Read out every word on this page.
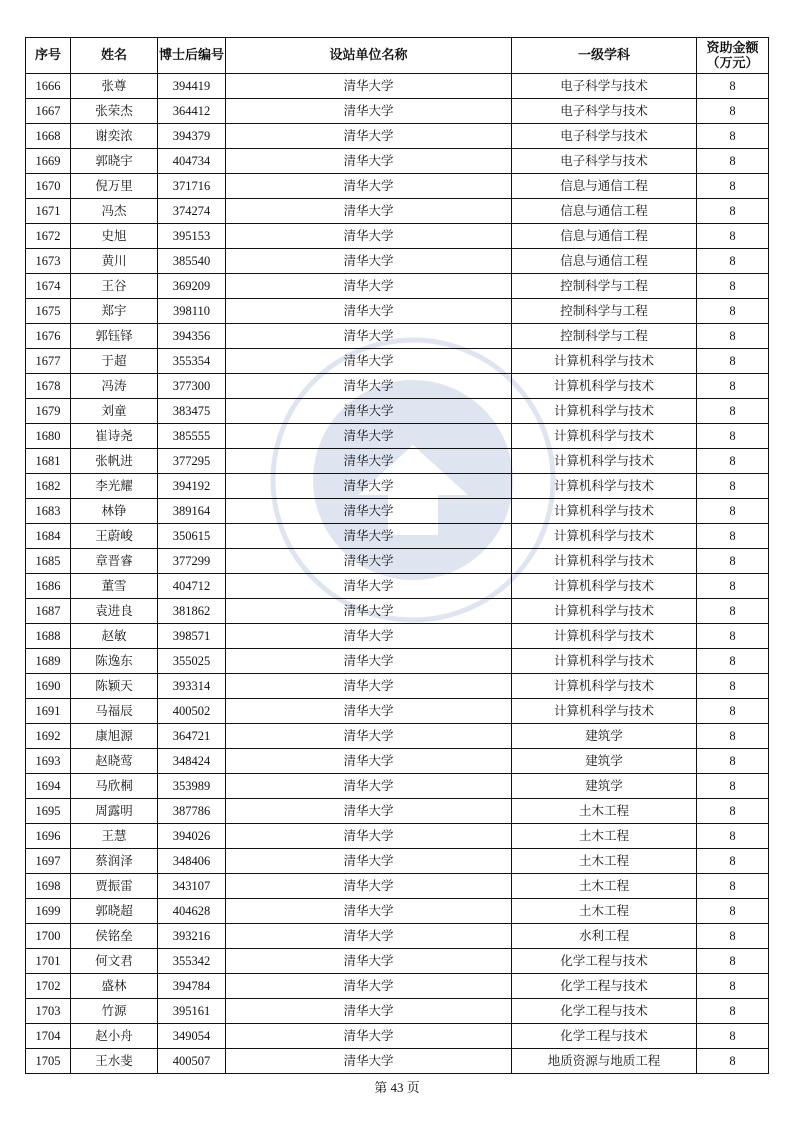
序号	姓名	博士后编号	设站单位名称	一级学科	资助金额（万元）
1666	张尊	394419	清华大学	电子科学与技术	8
1667	张荣杰	364412	清华大学	电子科学与技术	8
1668	谢奕浓	394379	清华大学	电子科学与技术	8
1669	郭晓宇	404734	清华大学	电子科学与技术	8
1670	倪万里	371716	清华大学	信息与通信工程	8
1671	冯杰	374274	清华大学	信息与通信工程	8
1672	史旭	395153	清华大学	信息与通信工程	8
1673	黄川	385540	清华大学	信息与通信工程	8
1674	王谷	369209	清华大学	控制科学与工程	8
1675	郑宇	398110	清华大学	控制科学与工程	8
1676	郭钰铎	394356	清华大学	控制科学与工程	8
1677	于超	355354	清华大学	计算机科学与技术	8
1678	冯涛	377300	清华大学	计算机科学与技术	8
1679	刘童	383475	清华大学	计算机科学与技术	8
1680	崔诗尧	385555	清华大学	计算机科学与技术	8
1681	张帆进	377295	清华大学	计算机科学与技术	8
1682	李光耀	394192	清华大学	计算机科学与技术	8
1683	林铮	389164	清华大学	计算机科学与技术	8
1684	王蔚峻	350615	清华大学	计算机科学与技术	8
1685	章晋睿	377299	清华大学	计算机科学与技术	8
1686	董雪	404712	清华大学	计算机科学与技术	8
1687	袁进良	381862	清华大学	计算机科学与技术	8
1688	赵敏	398571	清华大学	计算机科学与技术	8
1689	陈逸东	355025	清华大学	计算机科学与技术	8
1690	陈颖天	393314	清华大学	计算机科学与技术	8
1691	马福辰	400502	清华大学	计算机科学与技术	8
1692	康旭源	364721	清华大学	建筑学	8
1693	赵晓莺	348424	清华大学	建筑学	8
1694	马欣桐	353989	清华大学	建筑学	8
1695	周露明	387786	清华大学	土木工程	8
1696	王慧	394026	清华大学	土木工程	8
1697	蔡润泽	348406	清华大学	土木工程	8
1698	贾振雷	343107	清华大学	土木工程	8
1699	郭晓超	404628	清华大学	土木工程	8
1700	侯铭垒	393216	清华大学	水利工程	8
1701	何文君	355342	清华大学	化学工程与技术	8
1702	盛林	394784	清华大学	化学工程与技术	8
1703	竹源	395161	清华大学	化学工程与技术	8
1704	赵小舟	349054	清华大学	化学工程与技术	8
1705	王水斐	400507	清华大学	地质资源与地质工程	8
第 43 页
